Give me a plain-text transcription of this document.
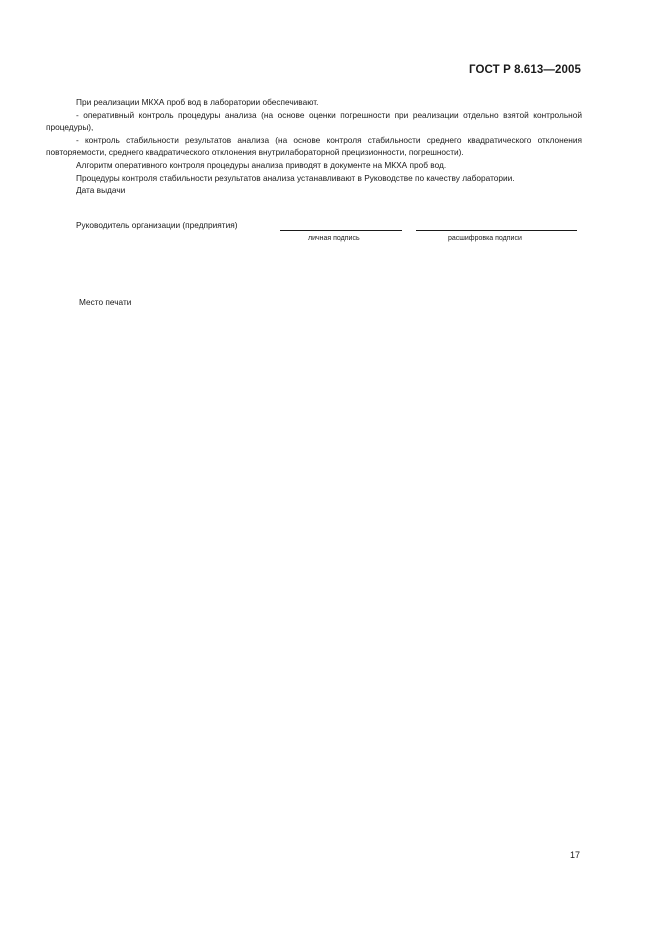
ГОСТ Р 8.613—2005

При реализации МКХА проб вод в лаборатории обеспечивают.

- оперативный контроль процедуры анализа (на основе оценки погрешности при реализации отдельно взятой контрольной процедуры),

- контроль стабильности результатов анализа (на основе контроля стабильности среднего квадратического отклонения повторяемости, среднего квадратического отклонения внутрилабораторной прецизионности, погрешности).

Алгоритм оперативного контроля процедуры анализа приводят в документе на МКХА проб вод.

Процедуры контроля стабильности результатов анализа устанавливают в Руководстве по качеству лаборатории.

Дата выдачи

Руководитель организации (предприятия)
личная подпись	расшифровка подписи
Место печати
17
